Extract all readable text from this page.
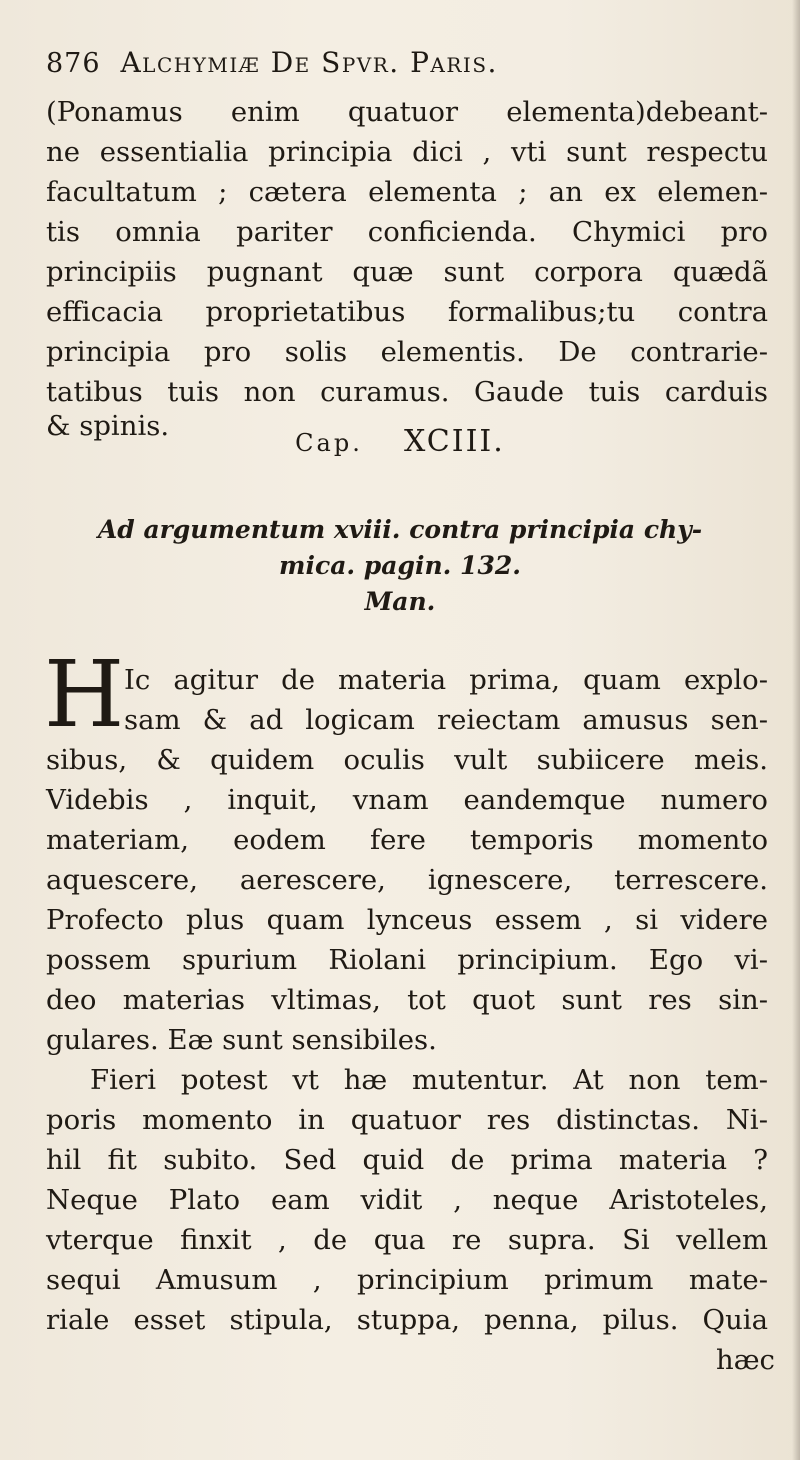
876 Alchymiæ De Spvr. Paris.
(Ponamus enim quatuor elementa)debeant-
ne essentialia principia dici , vti sunt respectu
facultatum ; cætera elementa ; an ex elemen-
tis omnia pariter conficienda. Chymici pro
principiis pugnant quæ sunt corpora quædã
efficacia proprietatibus formalibus;tu contra
principia pro solis elementis. De contrarie-
tatibus tuis non curamus. Gaude tuis carduis
& spinis.
Cap. XCIII.
Ad argumentum xviii. contra principia chy-
mica. pagin. 132.
Man.
H Ic agitur de materia prima, quam explo-
sam & ad logicam reiectam amusus sen-
sibus, & quidem oculis vult subiicere meis.
Videbis , inquit, vnam eandemque numero
materiam, eodem fere temporis momento
aquescere, aerescere, ignescere, terrescere.
Profecto plus quam lynceus essem , si videre
possem spurium Riolani principium. Ego vi-
deo materias vltimas, tot quot sunt res sin-
gulares. Eæ sunt sensibiles.
Fieri potest vt hæ mutentur. At non tem-
poris momento in quatuor res distinctas. Ni-
hil fit subito. Sed quid de prima materia ?
Neque Plato eam vidit , neque Aristoteles,
vterque finxit , de qua re supra. Si vellem
sequi Amusum , principium primum mate-
riale esset stipula, stuppa, penna, pilus. Quia
hæc
